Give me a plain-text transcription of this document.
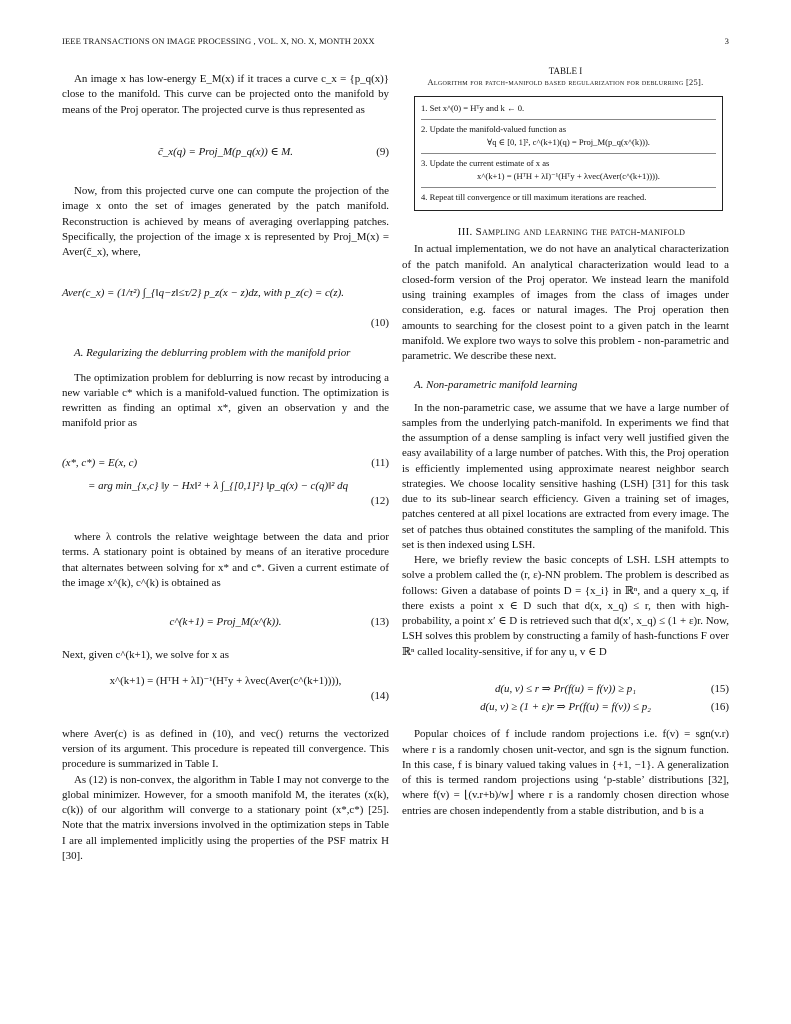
IEEE TRANSACTIONS ON IMAGE PROCESSING , VOL. X, NO. X, MONTH 20XX	3

An image x has low-energy E_M(x) if it traces a curve c_x = {p_q(x)} close to the manifold. This curve can be projected onto the manifold by means of the Proj operator. The projected curve is thus represented as

c̃_x(q) = Proj_M(p_q(x)) ∈ M.	(9)

Now, from this projected curve one can compute the projection of the image x onto the set of images generated by the patch manifold. Reconstruction is achieved by means of averaging overlapping patches. Specifically, the projection of the image x is represented by Proj_M(x) = Aver(c̃_x), where,

Aver(c_x) = (1/τ²) ∫_{‖q−z‖≤τ/2} p_z(x − z)dz, with p_z(c) = c(z).
(10)

A. Regularizing the deblurring problem with the manifold prior

The optimization problem for deblurring is now recast by introducing a new variable c* which is a manifold-valued function. The optimization is rewritten as finding an optimal x*, given an observation y and the manifold prior as

(x*, c*) = E(x, c)	(11)
= arg min_{x,c} ‖y − Hx‖² + λ ∫_{[0,1]²} ‖p_q(x) − c(q)‖² dq
(12)

where λ controls the relative weightage between the data and prior terms. A stationary point is obtained by means of an iterative procedure that alternates between solving for x* and c*. Given a current estimate of the image x^(k), c^(k) is obtained as

c^(k+1) = Proj_M(x^(k)).	(13)

Next, given c^(k+1), we solve for x as

x^(k+1) = (HᵀH + λI)⁻¹(Hᵀy + λvec(Aver(c^(k+1)))),
(14)

where Aver(c) is as defined in (10), and vec() returns the vectorized version of its argument. This procedure is repeated till convergence. This procedure is summarized in Table I.

As (12) is non-convex, the algorithm in Table I may not converge to the global minimizer. However, for a smooth manifold M, the iterates (x(k), c(k)) of our algorithm will converge to a stationary point (x*,c*) [25]. Note that the matrix inversions involved in the optimization steps in Table I are all implemented implicitly using the properties of the PSF matrix H [30].

TABLE I
Algorithm for patch-manifold based regularization for deblurring [25].
1. Set x^(0) = Hᵀy and k ← 0.
2. Update the manifold-valued function as

∀q ∈ [0, 1]², c^(k+1)(q) = Proj_M(p_q(x^(k))).
3. Update the current estimate of x as

x^(k+1) = (HᵀH + λI)⁻¹(Hᵀy + λvec(Aver(c^(k+1)))).
4. Repeat till convergence or till maximum iterations are reached.

III. Sampling and learning the patch-manifold

In actual implementation, we do not have an analytical characterization of the patch manifold. An analytical characterization would lead to a closed-form version of the Proj operator. We instead learn the manifold using training examples of images from the class of images under consideration, e.g. faces or natural images. The Proj operation then amounts to searching for the closest point to a given patch in the learnt manifold. We explore two ways to solve this problem - non-parametric and parametric. We describe these next.

A. Non-parametric manifold learning

In the non-parametric case, we assume that we have a large number of samples from the underlying patch-manifold. In experiments we find that the assumption of a dense sampling is infact very well justified given the easy availability of a large number of patches. With this, the Proj operation is efficiently implemented using approximate nearest neighbor search strategies. We choose locality sensitive hashing (LSH) [31] for this task due to its sub-linear search efficiency. Given a training set of images, patches centered at all pixel locations are extracted from every image. The set of patches thus obtained constitutes the sampling of the manifold. This set is then indexed using LSH.

Here, we briefly review the basic concepts of LSH. LSH attempts to solve a problem called the (r, ε)-NN problem. The problem is described as follows: Given a database of points D = {x_i} in ℝⁿ, and a query x_q, if there exists a point x ∈ D such that d(x, x_q) ≤ r, then with high-probability, a point x′ ∈ D is retrieved such that d(x′, x_q) ≤ (1 + ε)r. Now, LSH solves this problem by constructing a family of hash-functions F over ℝⁿ called locality-sensitive, if for any u, v ∈ D

d(u, v) ≤ r ⇒ Pr(f(u) = f(v)) ≥ p₁	(15)
d(u, v) ≥ (1 + ε)r ⇒ Pr(f(u) = f(v)) ≤ p₂	(16)

Popular choices of f include random projections i.e. f(v) = sgn(v.r) where r is a randomly chosen unit-vector, and sgn is the signum function. In this case, f is binary valued taking values in {+1, −1}. A generalization of this is termed random projections using ‘p-stable’ distributions [32], where f(v) = ⌊(v.r+b)/w⌋ where r is a randomly chosen direction whose entries are chosen independently from a stable distribution, and b is a
